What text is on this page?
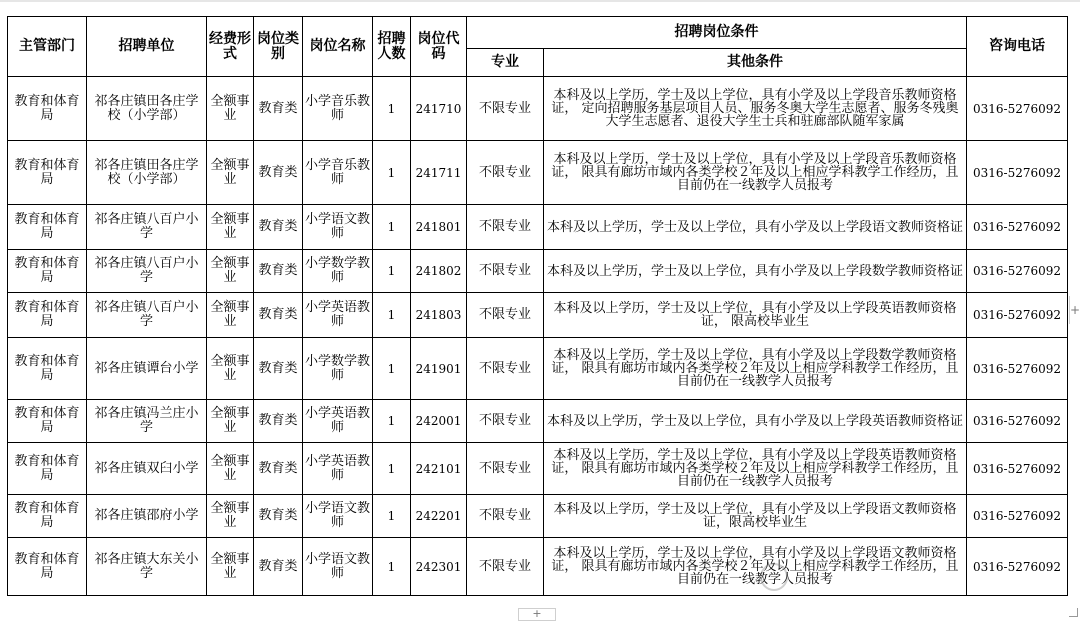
主管部门	招聘单位	经费形式	岗位类别	岗位名称	招聘人数	岗位代码	招聘岗位条件		咨询电话
							专业	其他条件	
教育和体育局	祁各庄镇田各庄学校（小学部）	全额事业	教育类	小学音乐教师	1	241710	不限专业	本科及以上学历，学士及以上学位，具有小学及以上学段音乐教师资格证， 定向招聘服务基层项目人员、服务冬奥大学生志愿者、服务冬残奥大学生志愿者、退役大学生士兵和驻廊部队随军家属	0316-5276092
教育和体育局	祁各庄镇田各庄学校（小学部）	全额事业	教育类	小学音乐教师	1	241711	不限专业	本科及以上学历，学士及以上学位，具有小学及以上学段音乐教师资格证， 限具有廊坊市域内各类学校２年及以上相应学科教学工作经历，且目前仍在一线教学人员报考	0316-5276092
教育和体育局	祁各庄镇八百户小学	全额事业	教育类	小学语文教师	1	241801	不限专业	本科及以上学历，学士及以上学位，具有小学及以上学段语文教师资格证	0316-5276092
教育和体育局	祁各庄镇八百户小学	全额事业	教育类	小学数学教师	1	241802	不限专业	本科及以上学历，学士及以上学位，具有小学及以上学段数学教师资格证	0316-5276092
教育和体育局	祁各庄镇八百户小学	全额事业	教育类	小学英语教师	1	241803	不限专业	本科及以上学历，学士及以上学位，具有小学及以上学段英语教师资格证， 限高校毕业生	0316-5276092
教育和体育局	祁各庄镇谭台小学	全额事业	教育类	小学数学教师	1	241901	不限专业	本科及以上学历，学士及以上学位，具有小学及以上学段数学教师资格证， 限具有廊坊市域内各类学校２年及以上相应学科教学工作经历，且目前仍在一线教学人员报考	0316-5276092
教育和体育局	祁各庄镇冯兰庄小学	全额事业	教育类	小学英语教师	1	242001	不限专业	本科及以上学历，学士及以上学位，具有小学及以上学段英语教师资格证	0316-5276092
教育和体育局	祁各庄镇双臼小学	全额事业	教育类	小学英语教师	1	242101	不限专业	本科及以上学历，学士及以上学位，具有小学及以上学段英语教师资格证， 限具有廊坊市域内各类学校２年及以上相应学科教学工作经历，且目前仍在一线教学人员报考	0316-5276092
教育和体育局	祁各庄镇邵府小学	全额事业	教育类	小学语文教师	1	242201	不限专业	本科及以上学历，学士及以上学位，具有小学及以上学段语文教师资格证，限高校毕业生	0316-5276092
教育和体育局	祁各庄镇大东关小学	全额事业	教育类	小学语文教师	1	242301	不限专业	本科及以上学历，学士及以上学位，具有小学及以上学段语文教师资格证， 限具有廊坊市域内各类学校２年及以上相应学科教学工作经历，且目前仍在一线教学人员报考	0316-5276092
+
+
